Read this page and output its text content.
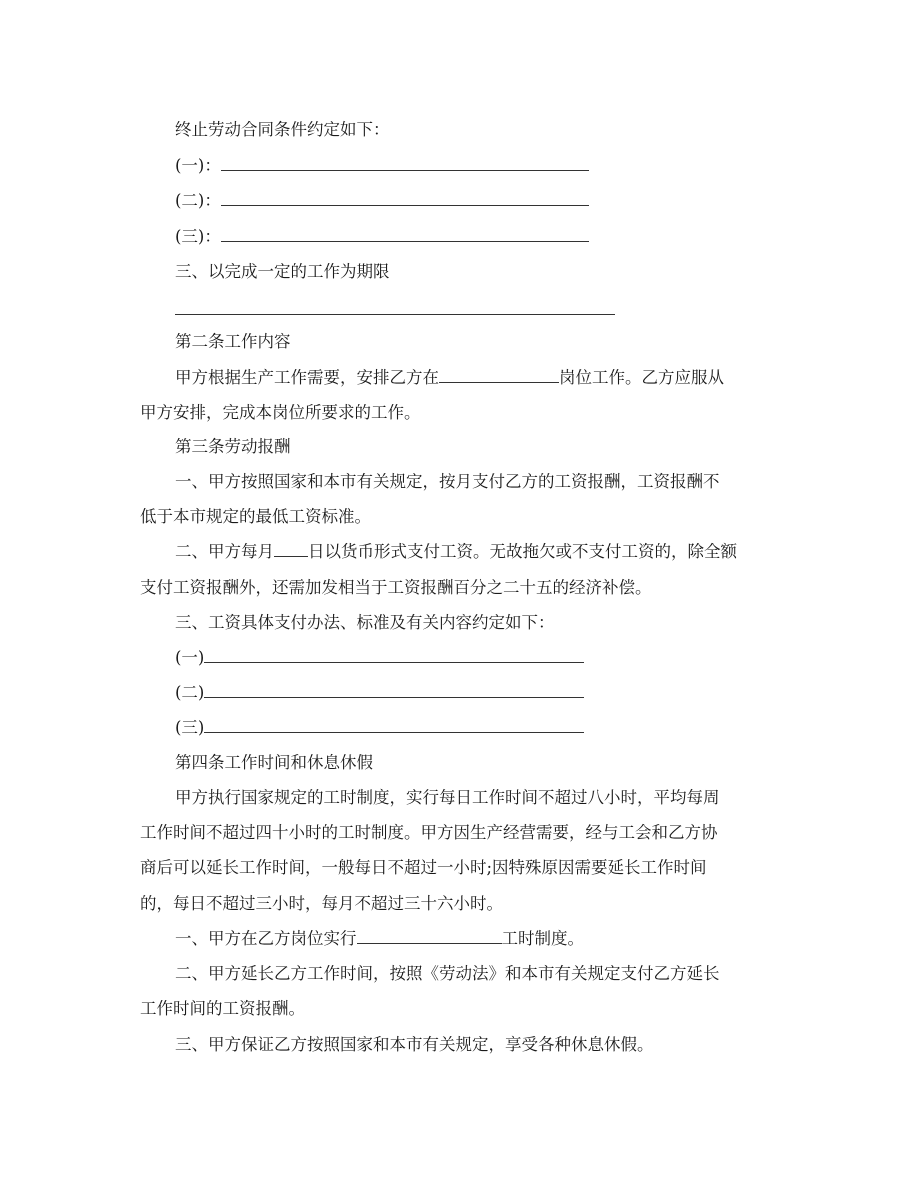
终止劳动合同条件约定如下：
(一)：
(二)：
(三)：
三、以完成一定的工作为期限
第二条工作内容
甲方根据生产工作需要，安排乙方在	岗位工作。乙方应服从
甲方安排，完成本岗位所要求的工作。
第三条劳动报酬
一、甲方按照国家和本市有关规定，按月支付乙方的工资报酬，工资报酬不
低于本市规定的最低工资标准。
二、甲方每月 日以货币形式支付工资。无故拖欠或不支付工资的，除全额
支付工资报酬外，还需加发相当于工资报酬百分之二十五的经济补偿。
三、工资具体支付办法、标准及有关内容约定如下：
(一)
(二)
(三)
第四条工作时间和休息休假
甲方执行国家规定的工时制度，实行每日工作时间不超过八小时，平均每周
工作时间不超过四十小时的工时制度。甲方因生产经营需要，经与工会和乙方协
商后可以延长工作时间，一般每日不超过一小时;因特殊原因需要延长工作时间
的，每日不超过三小时，每月不超过三十六小时。
一、甲方在乙方岗位实行	工时制度。
二、甲方延长乙方工作时间，按照《劳动法》和本市有关规定支付乙方延长
工作时间的工资报酬。
三、甲方保证乙方按照国家和本市有关规定，享受各种休息休假。
